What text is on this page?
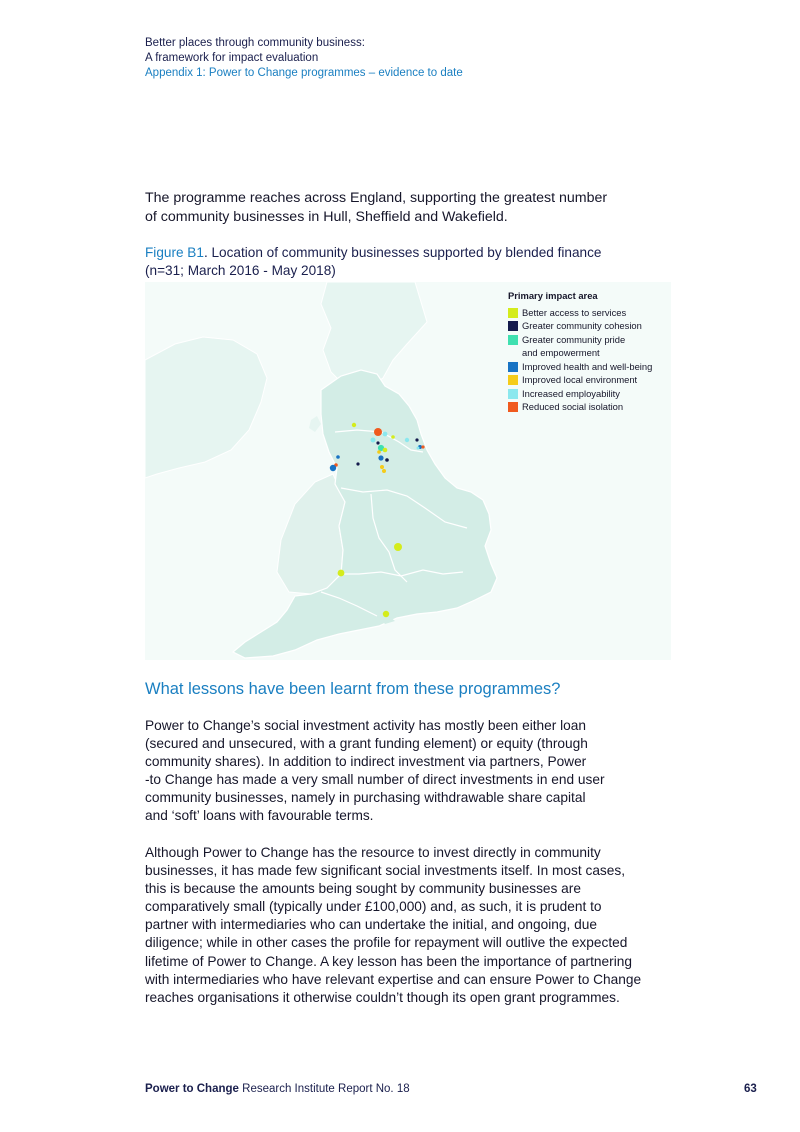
Better places through community business:
A framework for impact evaluation
Appendix 1: Power to Change programmes – evidence to date
The programme reaches across England, supporting the greatest number
of community businesses in Hull, Sheffield and Wakefield.
Figure B1. Location of community businesses supported by blended finance
(n=31; March 2016 - May 2018)
Primary impact area
Better access to services
Greater community cohesion
Greater community pride
and empowerment
Improved health and well-being
Improved local environment
Increased employability
Reduced social isolation
What lessons have been learnt from these programmes?

Power to Change’s social investment activity has mostly been either loan
(secured and unsecured, with a grant funding element) or equity (through
community shares). In addition to indirect investment via partners, Power
-to Change has made a very small number of direct investments in end user
community businesses, namely in purchasing withdrawable share capital
and ‘soft’ loans with favourable terms.

Although Power to Change has the resource to invest directly in community
businesses, it has made few significant social investments itself. In most cases,
this is because the amounts being sought by community businesses are
comparatively small (typically under £100,000) and, as such, it is prudent to
partner with intermediaries who can undertake the initial, and ongoing, due
diligence; while in other cases the profile for repayment will outlive the expected
lifetime of Power to Change. A key lesson has been the importance of partnering
with intermediaries who have relevant expertise and can ensure Power to Change
reaches organisations it otherwise couldn’t though its open grant programmes.

Power to Change Research Institute Report No. 18	63
